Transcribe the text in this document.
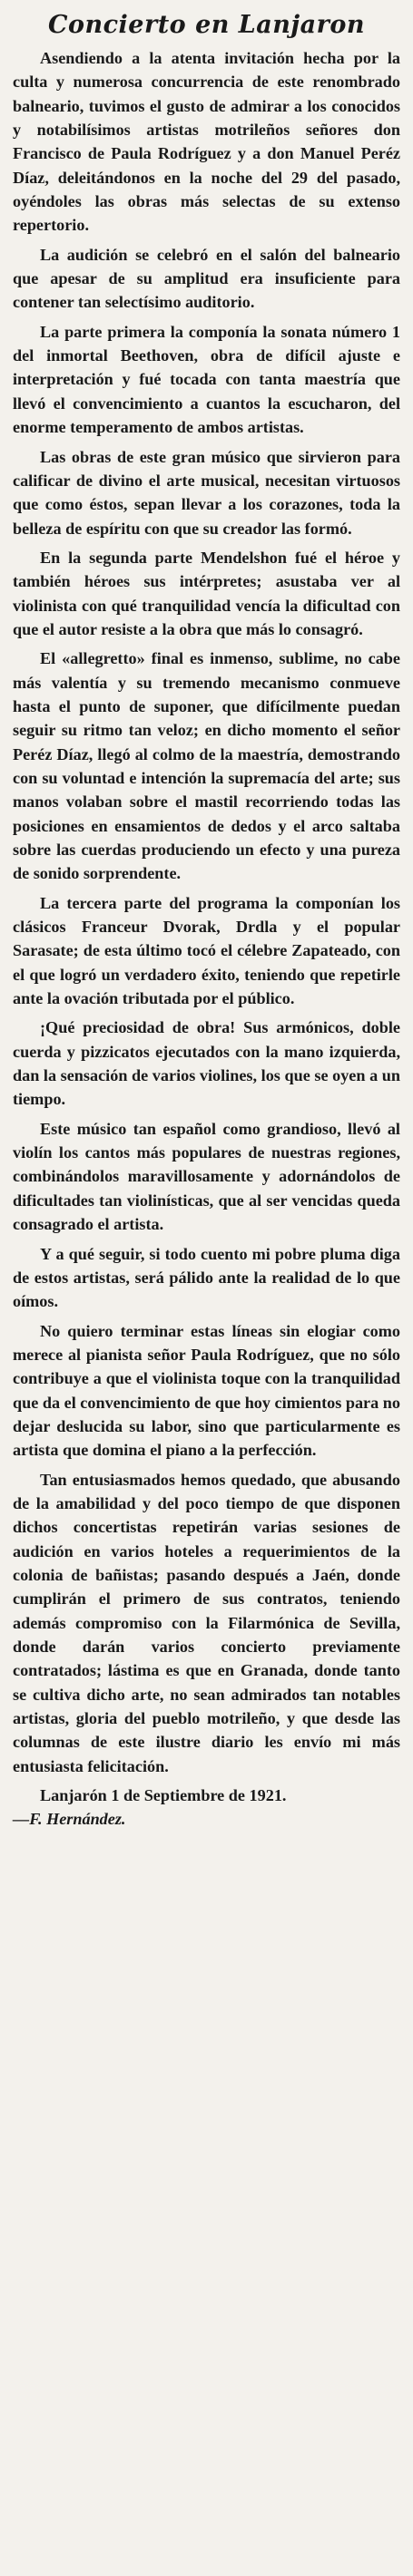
Concierto en Lanjaron

Asendiendo a la atenta invitación hecha por la culta y numerosa concurrencia de este renombrado balneario, tuvimos el gusto de admirar a los conocidos y notabilísimos artistas motrileños señores don Francisco de Paula Rodríguez y a don Manuel Peréz Díaz, deleitándonos en la noche del 29 del pasado, oyéndoles las obras más selectas de su extenso repertorio.

La audición se celebró en el salón del balneario que apesar de su amplitud era insuficiente para contener tan selectísimo auditorio.

La parte primera la componía la sonata número 1 del inmortal Beethoven, obra de difícil ajuste e interpretación y fué tocada con tanta maestría que llevó el convencimiento a cuantos la escucharon, del enorme temperamento de ambos artistas.

Las obras de este gran músico que sirvieron para calificar de divino el arte musical, necesitan virtuosos que como éstos, sepan llevar a los corazones, toda la belleza de espíritu con que su creador las formó.

En la segunda parte Mendelshon fué el héroe y también héroes sus intérpretes; asustaba ver al violinista con qué tranquilidad vencía la dificultad con que el autor resiste a la obra que más lo consagró.

El «allegretto» final es inmenso, sublime, no cabe más valentía y su tremendo mecanismo conmueve hasta el punto de suponer, que difícilmente puedan seguir su ritmo tan veloz; en dicho momento el señor Peréz Díaz, llegó al colmo de la maestría, demostrando con su voluntad e intención la supremacía del arte; sus manos volaban sobre el mastil recorriendo todas las posiciones en ensamientos de dedos y el arco saltaba sobre las cuerdas produciendo un efecto y una pureza de sonido sorprendente.

La tercera parte del programa la componían los clásicos Franceur Dvorak, Drdla y el popular Sarasate; de esta último tocó el célebre Zapateado, con el que logró un verdadero éxito, teniendo que repetirle ante la ovación tributada por el público.

¡Qué preciosidad de obra! Sus armónicos, doble cuerda y pizzicatos ejecutados con la mano izquierda, dan la sensación de varios violines, los que se oyen a un tiempo.

Este músico tan español como grandioso, llevó al violín los cantos más populares de nuestras regiones, combinándolos maravillosamente y adornándolos de dificultades tan violinísticas, que al ser vencidas queda consagrado el artista.

Y a qué seguir, si todo cuento mi pobre pluma diga de estos artistas, será pálido ante la realidad de lo que oímos.

No quiero terminar estas líneas sin elogiar como merece al pianista señor Paula Rodríguez, que no sólo contribuye a que el violinista toque con la tranquilidad que da el convencimiento de que hoy cimientos para no dejar deslucida su labor, sino que particularmente es artista que domina el piano a la perfección.

Tan entusiasmados hemos quedado, que abusando de la amabilidad y del poco tiempo de que disponen dichos concertistas repetirán varias sesiones de audición en varios hoteles a requerimientos de la colonia de bañistas; pasando después a Jaén, donde cumplirán el primero de sus contratos, teniendo además compromiso con la Filarmónica de Sevilla, donde darán varios concierto previamente contratados; lástima es que en Granada, donde tanto se cultiva dicho arte, no sean admirados tan notables artistas, gloria del pueblo motrileño, y que desde las columnas de este ilustre diario les envío mi más entusiasta felicitación.

Lanjarón 1 de Septiembre de 1921.

—F. Hernández.
